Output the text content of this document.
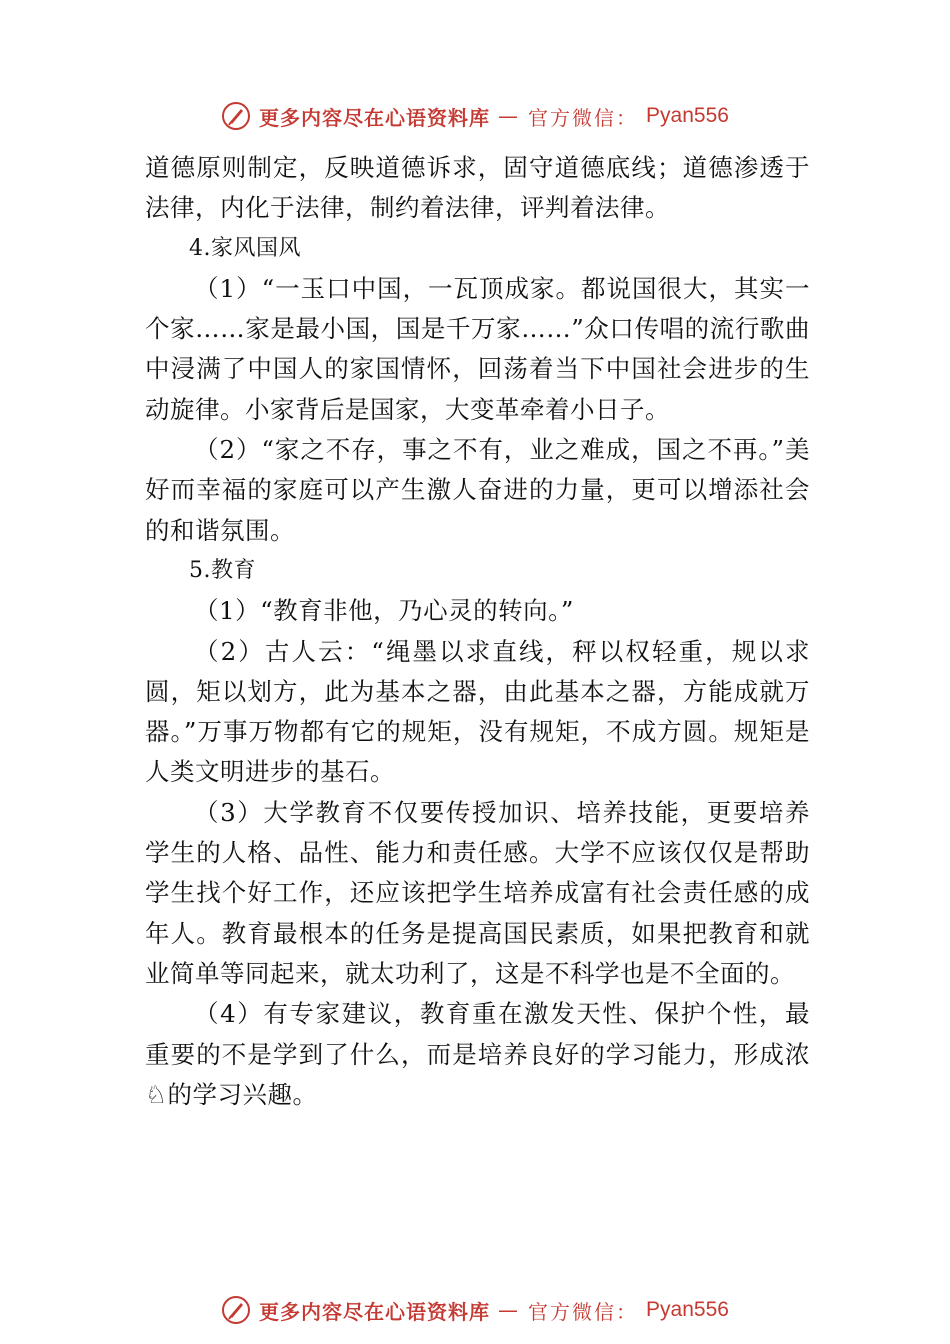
更多内容尽在心语资料库 — 官方微信： Pyan556

道德原则制定，反映道德诉求，固守道德底线；道德渗透于法律，内化于法律，制约着法律，评判着法律。

4.家风国风

（1）“一玉口中国，一瓦顶成家。都说国很大，其实一个家……家是最小国，国是千万家……”众口传唱的流行歌曲中浸满了中国人的家国情怀，回荡着当下中国社会进步的生动旋律。小家背后是国家，大变革牵着小日子。

（2）“家之不存，事之不有，业之难成，国之不再。”美好而幸福的家庭可以产生激人奋进的力量，更可以增添社会的和谐氛围。

5.教育

（1）“教育非他，乃心灵的转向。”

（2）古人云：“绳墨以求直线，秤以权轻重，规以求圆，矩以划方，此为基本之器，由此基本之器，方能成就万器。”万事万物都有它的规矩，没有规矩，不成方圆。规矩是人类文明进步的基石。

（3）大学教育不仅要传授加识、培养技能，更要培养学生的人格、品性、能力和责任感。大学不应该仅仅是帮助学生找个好工作，还应该把学生培养成富有社会责任感的成年人。教育最根本的任务是提高国民素质，如果把教育和就业简单等同起来，就太功利了，这是不科学也是不全面的。

（4）有专家建议，教育重在激发天性、保护个性，最重要的不是学到了什么，而是培养良好的学习能力，形成浓♘的学习兴趣。

更多内容尽在心语资料库 — 官方微信： Pyan556
